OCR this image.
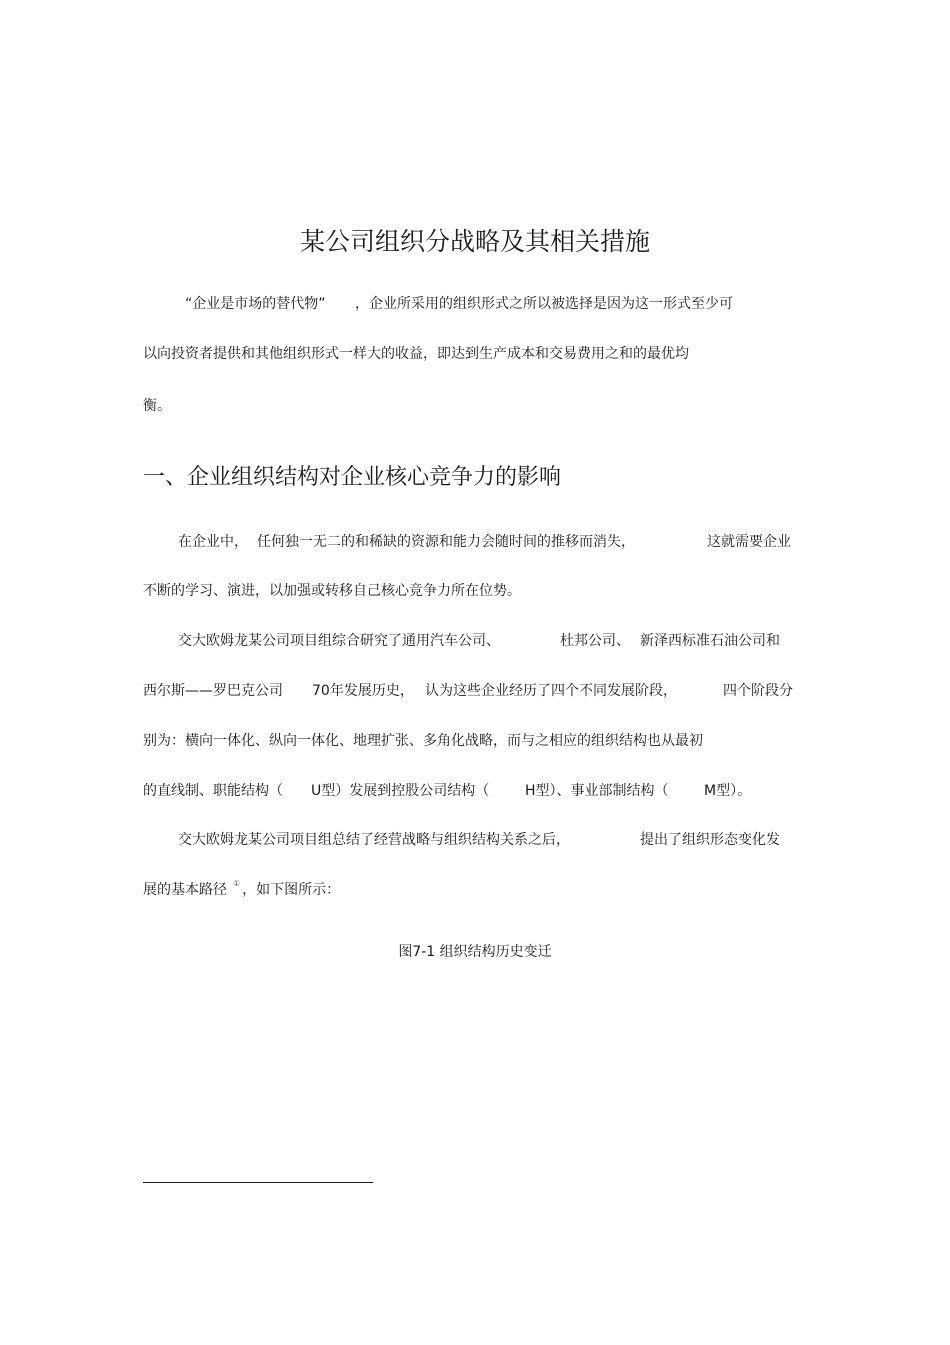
某公司组织分战略及其相关措施
“企业是市场的替代物” ，企业所采用的组织形式之所以被选择是因为这一形式至少可
以向投资者提供和其他组织形式一样大的收益，即达到生产成本和交易费用之和的最优均
衡。
一、企业组织结构对企业核心竞争力的影响
在企业中， 任何独一无二的和稀缺的资源和能力会随时间的推移而消失，	这就需要企业
不断的学习、演进，以加强或转移自己核心竞争力所在位势。
交大欧姆龙某公司项目组综合研究了通用汽车公司、	杜邦公司、 新泽西标准石油公司和
西尔斯——罗巴克公司 70年发展历史， 认为这些企业经历了四个不同发展阶段，	四个阶段分
别为：横向一体化、纵向一体化、地理扩张、多角化战略，而与之相应的组织结构也从最初
的直线制、职能结构（ U型）发展到控股公司结构（	H型）、事业部制结构（	M型）。
交大欧姆龙某公司项目组总结了经营战略与组织结构关系之后，	提出了组织形态变化发
展的基本路径 ① ，如下图所示：
图7-1 组织结构历史变迁
